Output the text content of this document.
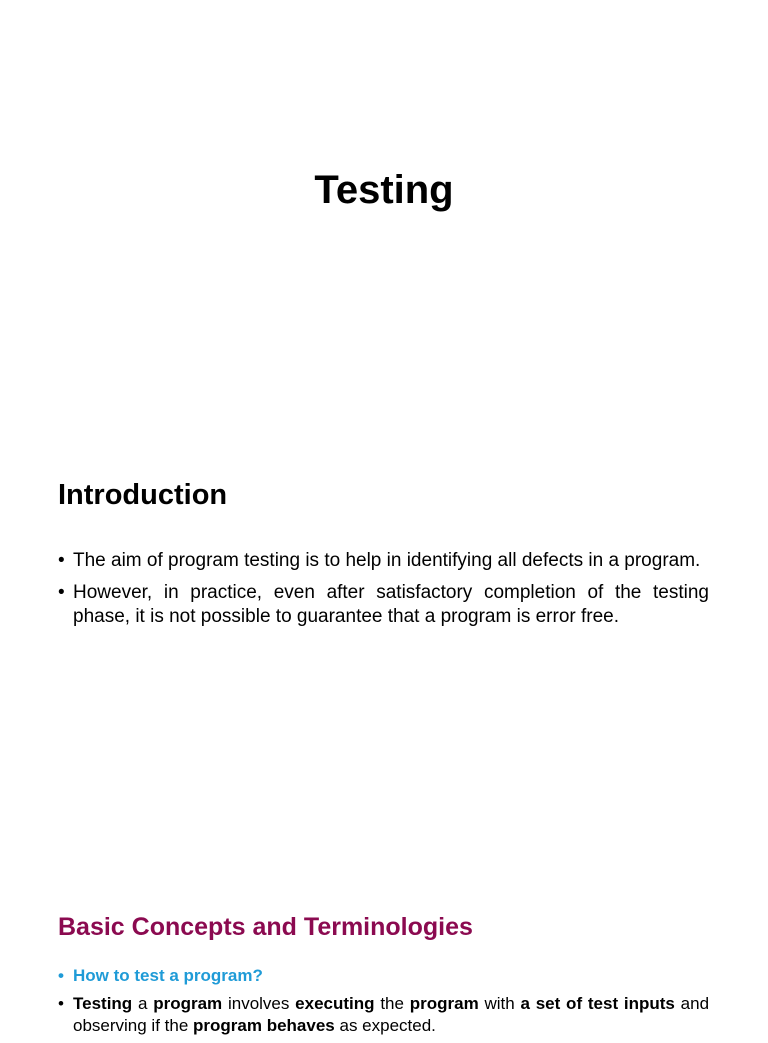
Testing
Introduction
• The aim of program testing is to help in identifying all defects in a program.
• However, in practice, even after satisfactory completion of the testing phase, it is not possible to guarantee that a program is error free.
Basic Concepts and Terminologies
• How to test a program?
• Testing a program involves executing the program with a set of test inputs and observing if the program behaves as expected.
